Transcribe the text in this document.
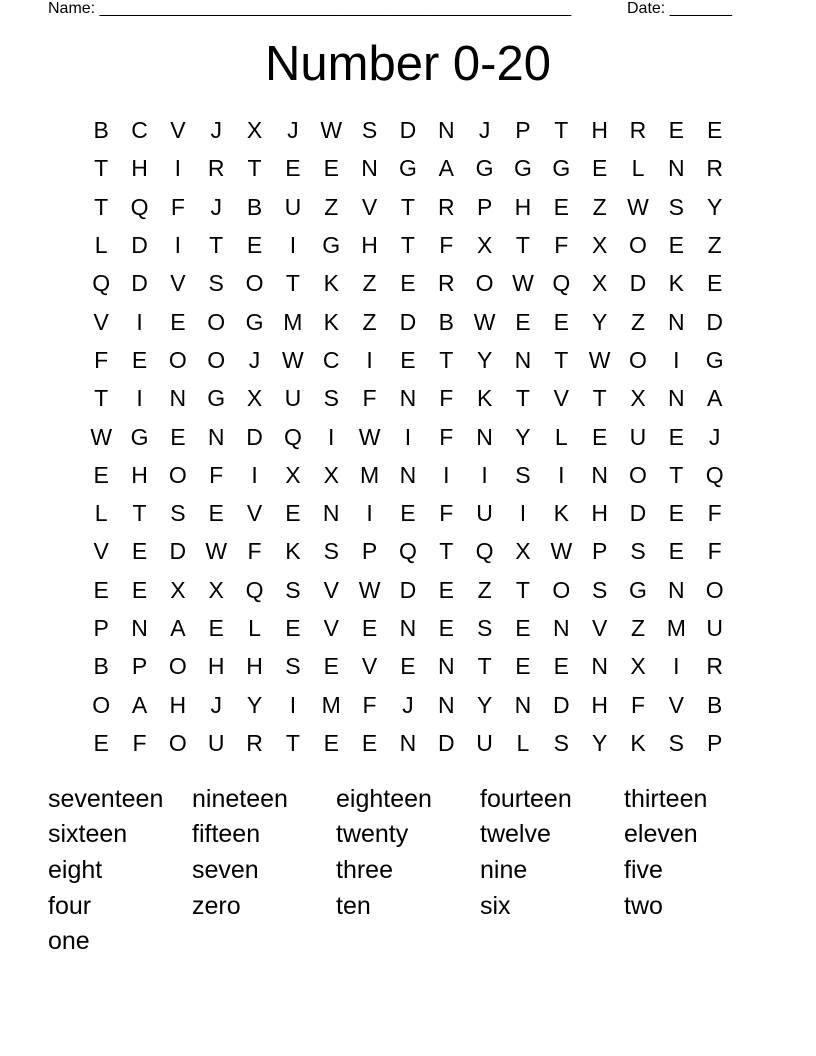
Name: _____________________________________________________	Date: _______
Number 0-20
B C V	J	X	J W S D N	J	P	T	H R E	E
T	H	I	R	T	E	E N G A G G G E	L	N R
T Q F	J	B U	Z	V	T	R P H E	Z W S	Y
L	D	I	T	E	I	G H	T	F	X	T	F	X O E	Z
Q D V	S O T	K	Z	E R O W Q X D K	E
V	I	E O G M K	Z	D B W E	E	Y	Z	N D
F	E O O	J W C	I	E	T	Y N	T W O	I	G
T	I	N G X U S	F	N	F	K	T	V	T	X N A
W G E N D Q	I	W	I	F	N Y	L	E U E	J
E H O F	I	X	X M N	I	I	S	I	N O T Q
L	T	S	E	V	E N	I	E	F	U	I	K H D E	F
V	E D W F	K	S	P Q T Q X W P	S	E	F
E	E	X	X Q S	V W D E	Z	T O S G N O
P N A	E	L	E	V	E N E	S	E N V	Z M U
B	P O H H S	E	V	E N	T	E	E N X	I	R
O A H	J	Y	I	M F	J	N Y N D H	F	V	B
E	F O U R	T	E	E N D U	L	S	Y	K	S	P
seventeen	nineteen	eighteen	fourteen	thirteen
sixteen	fifteen	twenty	twelve	eleven
eight	seven	three	nine	five
four	zero	ten	six	two
one
